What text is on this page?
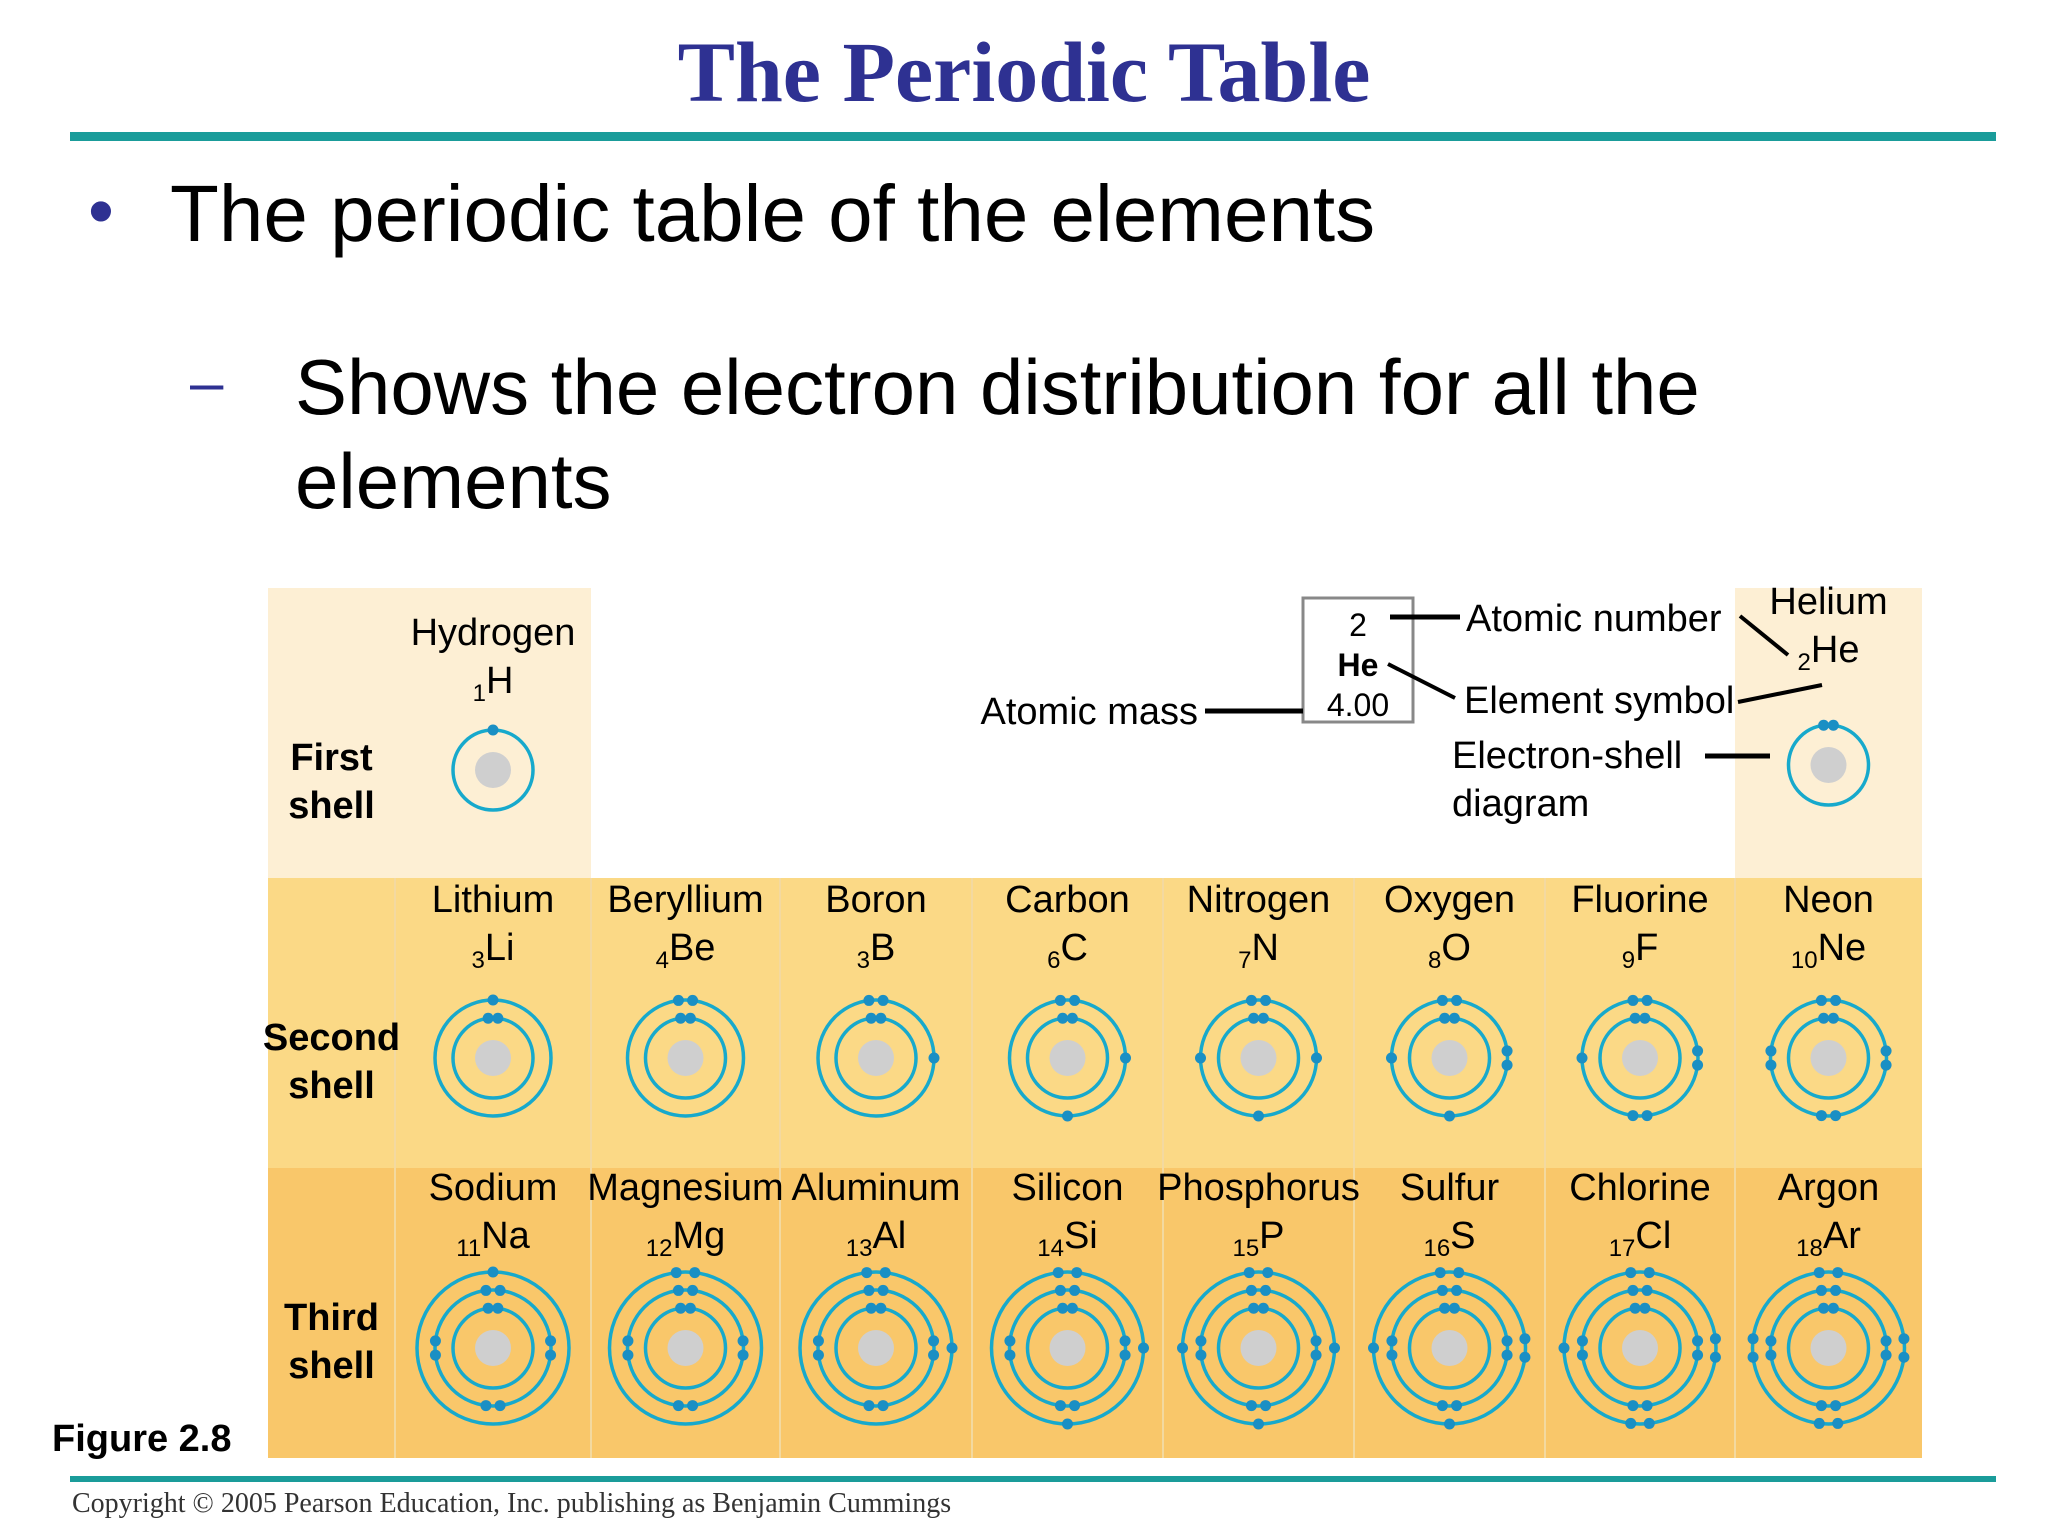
The Periodic Table
• The periodic table of the elements
– Shows the electron distribution for all the elements
2
He
4.00
Atomic mass
Atomic number
Element symbol
Electron-shell diagram
First shell
Second shell
Third shell
Hydrogen
$_1$H
Helium
$_2$He
Lithium
$_3$Li
Beryllium
$_4$Be
Boron
$_3$B
Carbon
$_6$C
Nitrogen
$_7$N
Oxygen
$_8$O
Fluorine
$_9$F
Neon
$_{10}$Ne
Sodium
$_{11}$Na
Magnesium
$_{12}$Mg
Aluminum
$_{13}$Al
Silicon
$_{14}$Si
Phosphorus
$_{15}$P
Sulfur
$_{16}$S
Chlorine
$_{17}$Cl
Argon
$_{18}$Ar
Figure 2.8
Copyright © 2005 Pearson Education, Inc. publishing as Benjamin Cummings
